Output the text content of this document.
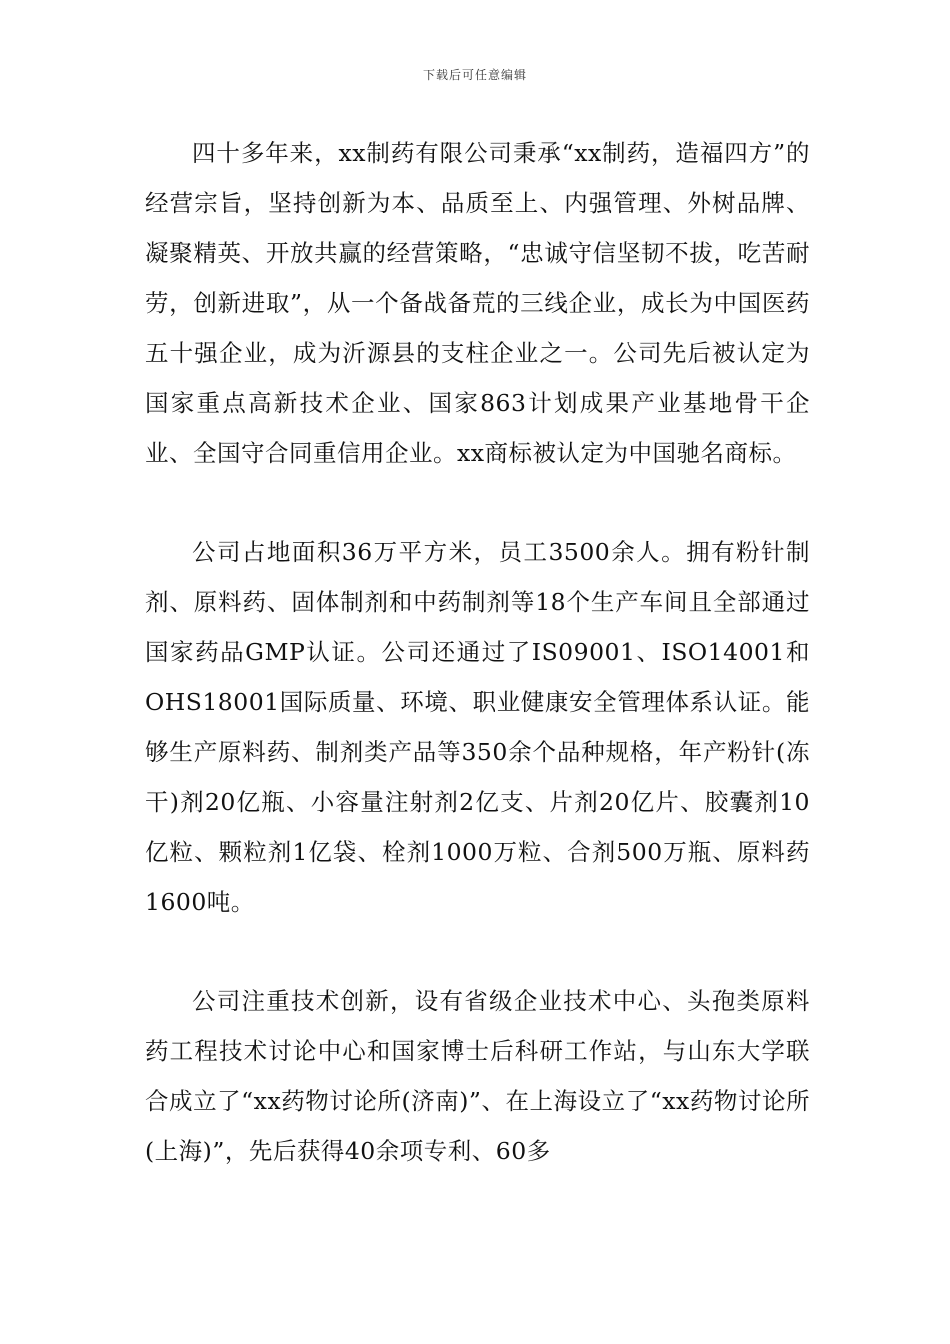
下载后可任意编辑

四十多年来，xx制药有限公司秉承“xx制药，造福四方”的经营宗旨，坚持创新为本、品质至上、内强管理、外树品牌、凝聚精英、开放共赢的经营策略，“忠诚守信坚韧不拔，吃苦耐劳，创新进取”，从一个备战备荒的三线企业，成长为中国医药五十强企业，成为沂源县的支柱企业之一。公司先后被认定为国家重点高新技术企业、国家863计划成果产业基地骨干企业、全国守合同重信用企业。xx商标被认定为中国驰名商标。

公司占地面积36万平方米，员工3500余人。拥有粉针制剂、原料药、固体制剂和中药制剂等18个生产车间且全部通过国家药品GMP认证。公司还通过了IS09001、ISO14001和OHS18001国际质量、环境、职业健康安全管理体系认证。能够生产原料药、制剂类产品等350余个品种规格，年产粉针(冻干)剂20亿瓶、小容量注射剂2亿支、片剂20亿片、胶囊剂10亿粒、颗粒剂1亿袋、栓剂1000万粒、合剂500万瓶、原料药1600吨。

公司注重技术创新，设有省级企业技术中心、头孢类原料药工程技术讨论中心和国家博士后科研工作站，与山东大学联合成立了“xx药物讨论所(济南)”、在上海设立了“xx药物讨论所(上海)”，先后获得40余项专利、60多
